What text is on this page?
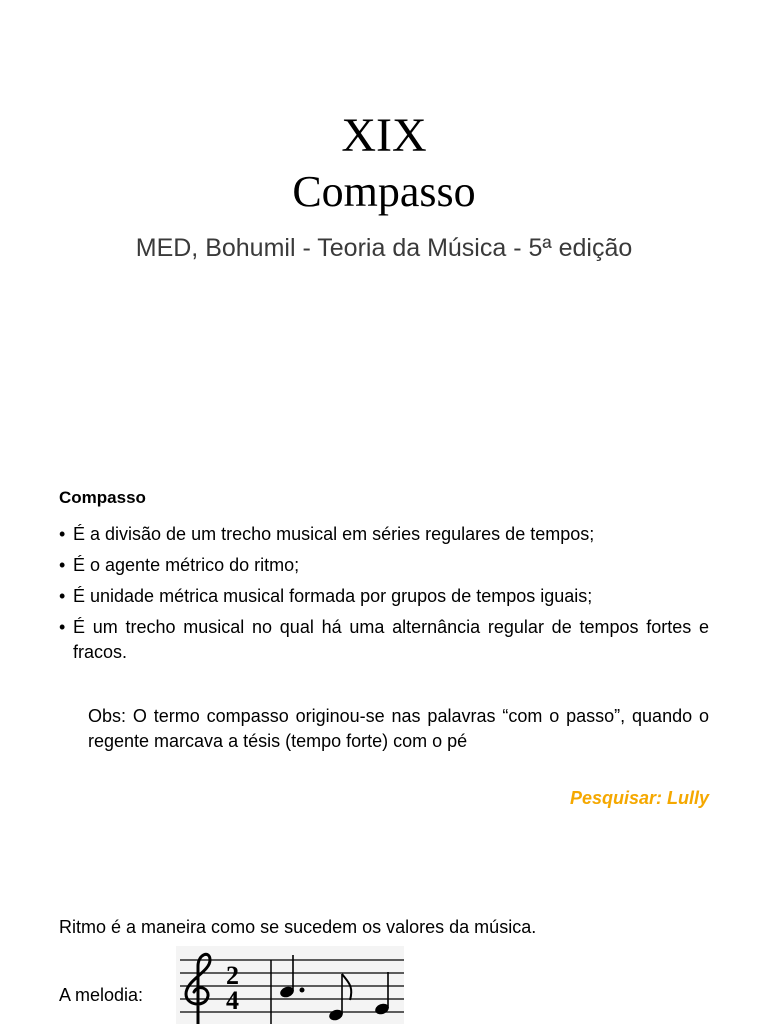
XIX
Compasso
MED, Bohumil - Teoria da Música - 5ª edição
Compasso
• É a divisão de um trecho musical em séries regulares de tempos;
• É o agente métrico do ritmo;
• É unidade métrica musical formada por grupos de tempos iguais;
• É um trecho musical no qual há uma alternância regular de tempos fortes e fracos.
Obs: O termo compasso originou-se nas palavras “com o passo”, quando o regente marcava a tésis (tempo forte) com o pé
Pesquisar: Lully
Ritmo é a maneira como se sucedem os valores da música.
A melodia:
2
4
